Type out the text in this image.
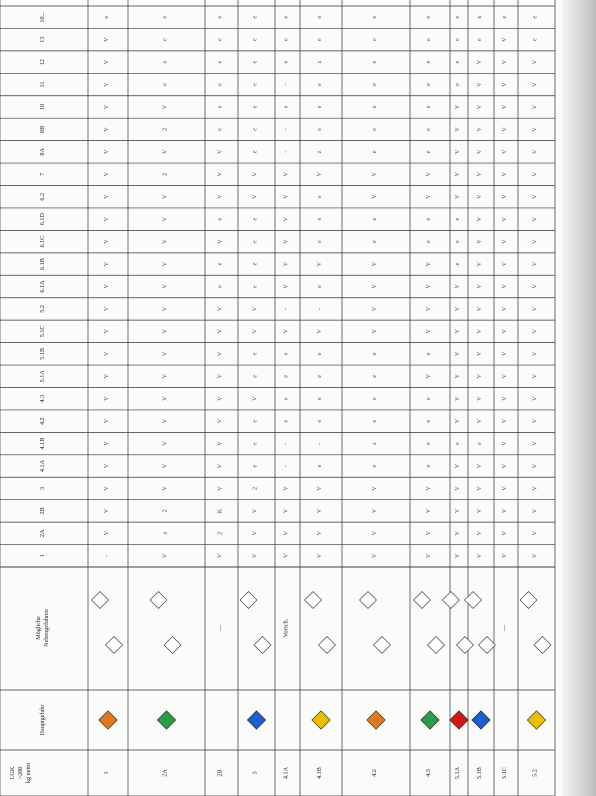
LGK >200 kg netto
Hauptgefahr
Mögliche Nebengefahren
1
2A
2B
3
4.1A
4.1B
4.2
4.3
5.1A
5.1B
5.1C
5.2
6.1A
6.1B
6.1C
6.1D
6.2
7
8A
8B
10
11
12
13
10...
1
-
V
V
V
V
V
V
V
V
V
V
V
V
V
V
V
V
V
V
V
V
V
V
V
e
2A
V
a
2
V
V
V
V
V
V
V
V
V
V
V
V
V
V
2
V
2
V
e
e
e
e
2B
—
V
2
K
V
V
V
V
V
V
V
V
V
e
e
V
e
V
V
V
e
e
e
e
e
e
3
V
V
V
2
e
e
e
V
e
e
V
V
e
e
e
e
V
V
e
e
e
e
e
e
e
4.1A
Vorsch.
V
V
V
V
-
-
e
e
e
e
V
-
V
V
V
V
V
V
-
-
e
-
e
e
e
4.1B
V
V
V
V
e
-
e
e
e
e
V
-
e
V
e
e
e
V
z
e
e
e
z
e
e
4.2
V
V
V
V
e
z
e
e
e
e
V
V
V
V
e
e
V
V
e
e
e
e
e
e
e
4.3
V
V
V
V
e
e
e
e
V
e
V
V
V
V
e
e
V
V
e
e
e
e
e
e
e
5.1A
V
V
V
V
V
e
V
V
V
V
V
V
V
e
e
e
V
V
V
V
V
e
e
e
e
5.1B
V
V
V
V
V
e
V
V
V
V
V
V
V
V
V
V
V
V
V
V
V
V
V
e
x
5.1C
—
V
V
V
V
V
V
V
V
V
V
V
V
V
V
V
V
V
V
V
V
V
V
V
V
e
5.2
V
V
V
V
V
V
V
V
V
V
V
V
V
V
V
V
V
V
V
V
V
V
V
e
e
